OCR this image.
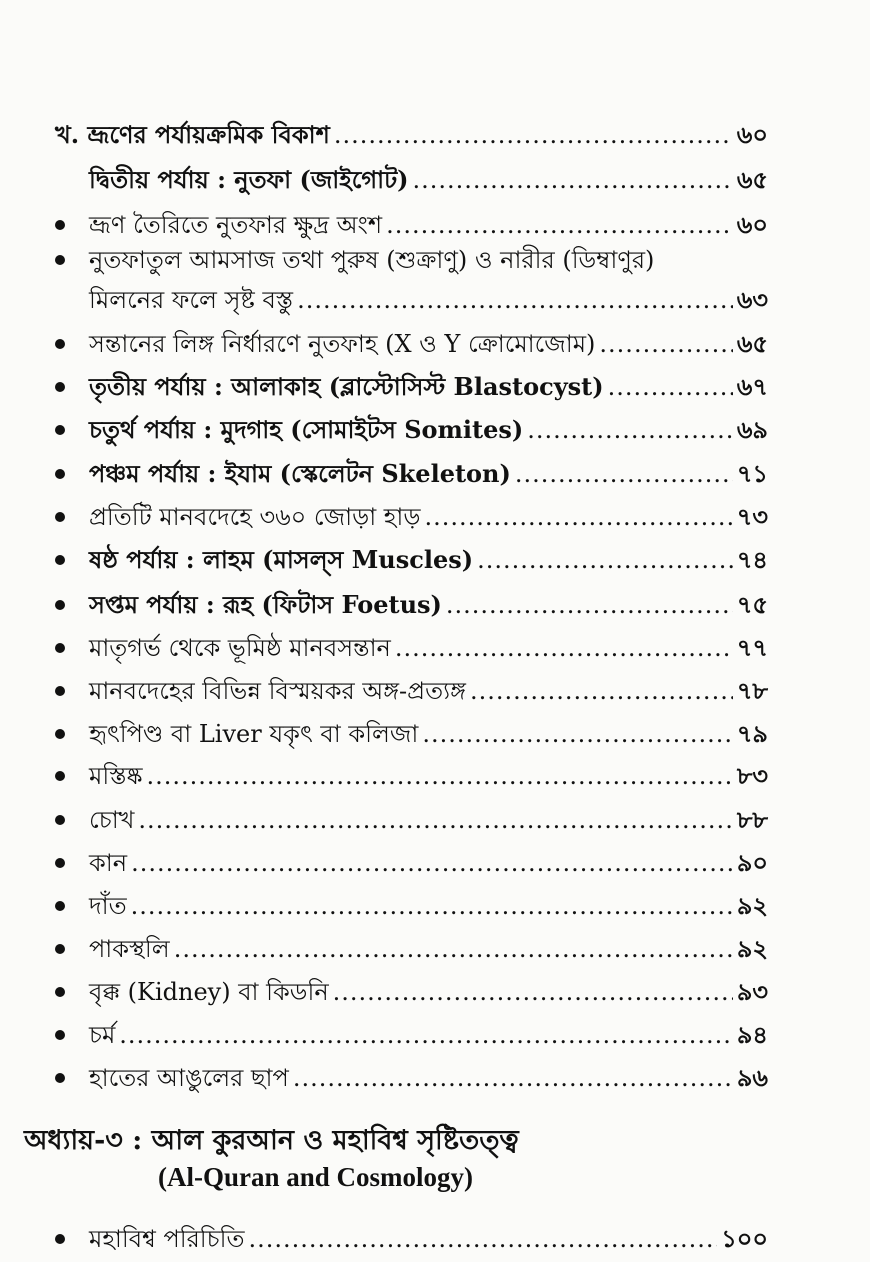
খ. ভ্রূণের পর্যায়ক্রমিক বিকাশ .....	৬০
দ্বিতীয় পর্যায় : নুতফা (জাইগোট) .....	৬৫
ভ্রূণ তৈরিতে নুতফার ক্ষুদ্র অংশ .....	৬০
নুতফাতুল আমসাজ তথা পুরুষ (শুক্রাণু) ও নারীর (ডিম্বাণুর)
মিলনের ফলে সৃষ্ট বস্তু .....	৬৩
সন্তানের লিঙ্গ নির্ধারণে নুতফাহ (X ও Y ক্রোমোজোম) .....	৬৫
তৃতীয় পর্যায় : আলাকাহ (ব্লাস্টোসিস্ট Blastocyst) .....	৬৭
চতুর্থ পর্যায় : মুদগাহ (সোমাইটস Somites) .....	৬৯
পঞ্চম পর্যায় : ইযাম (স্কেলেটন Skeleton) .....	৭১
প্রতিটি মানবদেহে ৩৬০ জোড়া হাড় .....	৭৩
ষষ্ঠ পর্যায় : লাহম (মাসল্স Muscles) .....	৭৪
সপ্তম পর্যায় : রূহ (ফিটাস Foetus) .....	৭৫
মাতৃগর্ভ থেকে ভূমিষ্ঠ মানবসন্তান .....	৭৭
মানবদেহের বিভিন্ন বিস্ময়কর অঙ্গ-প্রত্যঙ্গ .....	৭৮
হৃৎপিণ্ড বা Liver যকৃৎ বা কলিজা .....	৭৯
মস্তিষ্ক .....	৮৩
চোখ .....	৮৮
কান .....	৯০
দাঁত .....	৯২
পাকস্থলি .....	৯২
বৃক্ক (Kidney) বা কিডনি .....	৯৩
চর্ম .....	৯৪
হাতের আঙুলের ছাপ .....	৯৬
অধ্যায়-৩ : আল কুরআন ও মহাবিশ্ব সৃষ্টিতত্ত্ব
(Al-Quran and Cosmology)
মহাবিশ্ব পরিচিতি .....	১০০
